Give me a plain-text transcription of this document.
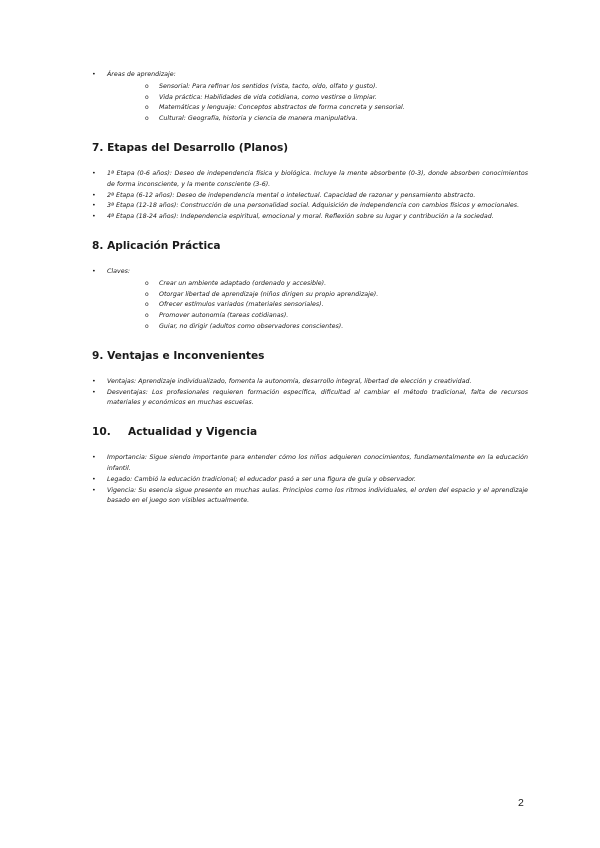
• Áreas de aprendizaje:
o Sensorial: Para refinar los sentidos (vista, tacto, oído, olfato y gusto).
o Vida práctica: Habilidades de vida cotidiana, como vestirse o limpiar.
o Matemáticas y lenguaje: Conceptos abstractos de forma concreta y sensorial.
o Cultural: Geografía, historia y ciencia de manera manipulativa.
7. Etapas del Desarrollo (Planos)
• 1ª Etapa (0-6 años): Deseo de independencia física y biológica. Incluye la mente absorbente (0-3), donde absorben conocimientos de forma inconsciente, y la mente consciente (3-6).
• 2ª Etapa (6-12 años): Deseo de independencia mental o intelectual. Capacidad de razonar y pensamiento abstracto.
• 3ª Etapa (12-18 años): Construcción de una personalidad social. Adquisición de independencia con cambios físicos y emocionales.
• 4ª Etapa (18-24 años): Independencia espiritual, emocional y moral. Reflexión sobre su lugar y contribución a la sociedad.
8. Aplicación Práctica
• Claves:
o Crear un ambiente adaptado (ordenado y accesible).
o Otorgar libertad de aprendizaje (niños dirigen su propio aprendizaje).
o Ofrecer estímulos variados (materiales sensoriales).
o Promover autonomía (tareas cotidianas).
o Guiar, no dirigir (adultos como observadores conscientes).
9. Ventajas e Inconvenientes
• Ventajas: Aprendizaje individualizado, fomenta la autonomía, desarrollo integral, libertad de elección y creatividad.
• Desventajas: Los profesionales requieren formación específica, dificultad al cambiar el método tradicional, falta de recursos materiales y económicos en muchas escuelas.
10. Actualidad y Vigencia
• Importancia: Sigue siendo importante para entender cómo los niños adquieren conocimientos, fundamentalmente en la educación infantil.
• Legado: Cambió la educación tradicional; el educador pasó a ser una figura de guía y observador.
• Vigencia: Su esencia sigue presente en muchas aulas. Principios como los ritmos individuales, el orden del espacio y el aprendizaje basado en el juego son visibles actualmente.
2
